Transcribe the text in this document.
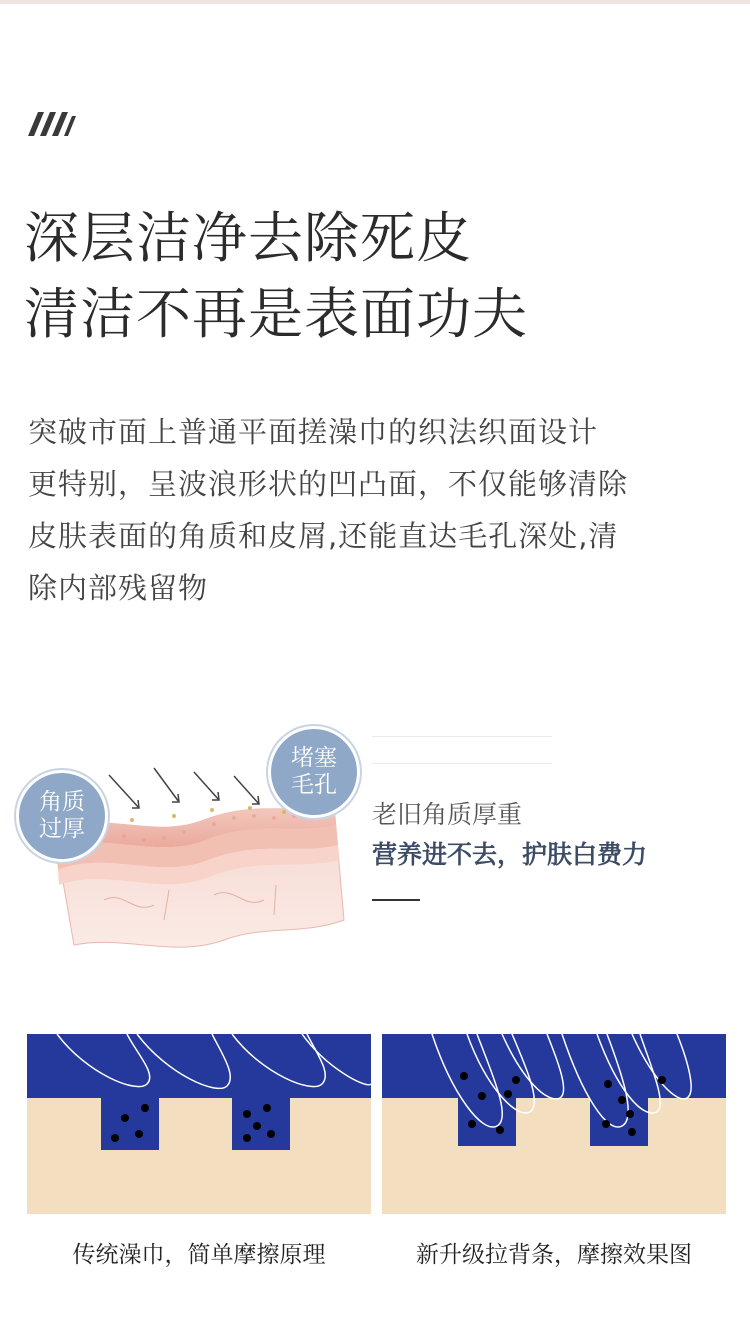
深层洁净去除死皮
清洁不再是表面功夫
突破市面上普通平面搓澡巾的织法织面设计
更特别，呈波浪形状的凹凸面，不仅能够清除
皮肤表面的角质和皮屑,还能直达毛孔深处,清
除内部残留物
角质
过厚
堵塞
毛孔
老旧角质厚重
营养进不去，护肤白费力
传统澡巾，简单摩擦原理	新升级拉背条，摩擦效果图
